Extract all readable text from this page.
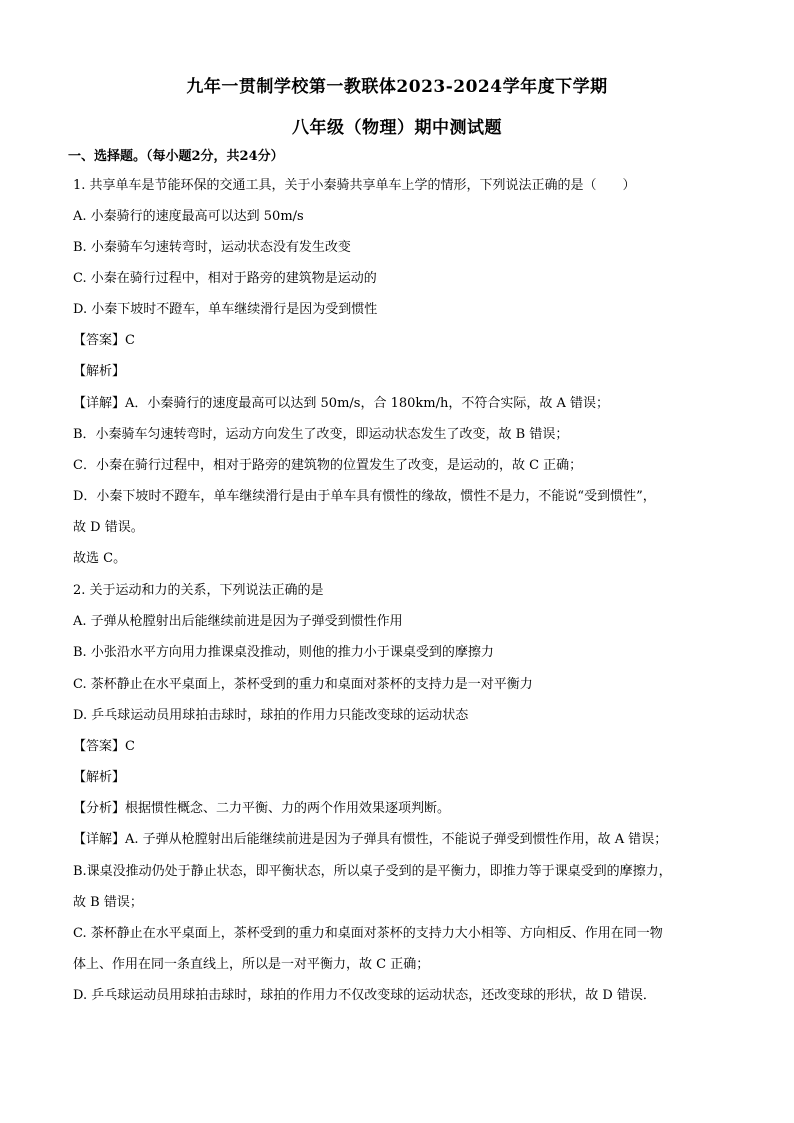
九年一贯制学校第一教联体2023-2024学年度下学期
八年级（物理）期中测试题
一、选择题。（每小题2分，共24分）
1. 共享单车是节能环保的交通工具，关于小秦骑共享单车上学的情形，下列说法正确的是（　　）
A. 小秦骑行的速度最高可以达到 50m/s
B. 小秦骑车匀速转弯时，运动状态没有发生改变
C. 小秦在骑行过程中，相对于路旁的建筑物是运动的
D. 小秦下坡时不蹬车，单车继续滑行是因为受到惯性
【答案】C
【解析】
【详解】A．小秦骑行的速度最高可以达到 50m/s，合 180km/h，不符合实际，故 A 错误；
B．小秦骑车匀速转弯时，运动方向发生了改变，即运动状态发生了改变，故 B 错误；
C．小秦在骑行过程中，相对于路旁的建筑物的位置发生了改变，是运动的，故 C 正确；
D．小秦下坡时不蹬车，单车继续滑行是由于单车具有惯性的缘故，惯性不是力，不能说“受到惯性”，
故 D 错误。
故选 C。
2. 关于运动和力的关系，下列说法正确的是
A. 子弹从枪膛射出后能继续前进是因为子弹受到惯性作用
B. 小张沿水平方向用力推课桌没推动，则他的推力小于课桌受到的摩擦力
C. 茶杯静止在水平桌面上，茶杯受到的重力和桌面对茶杯的支持力是一对平衡力
D. 乒乓球运动员用球拍击球时，球拍的作用力只能改变球的运动状态
【答案】C
【解析】
【分析】根据惯性概念、二力平衡、力的两个作用效果逐项判断。
【详解】A. 子弹从枪膛射出后能继续前进是因为子弹具有惯性，不能说子弹受到惯性作用，故 A 错误；
B.课桌没推动仍处于静止状态，即平衡状态，所以桌子受到的是平衡力，即推力等于课桌受到的摩擦力，
故 B 错误；
C. 茶杯静止在水平桌面上，茶杯受到的重力和桌面对茶杯的支持力大小相等、方向相反、作用在同一物
体上、作用在同一条直线上，所以是一对平衡力，故 C 正确；
D. 乒乓球运动员用球拍击球时，球拍的作用力不仅改变球的运动状态，还改变球的形状，故 D 错误．
